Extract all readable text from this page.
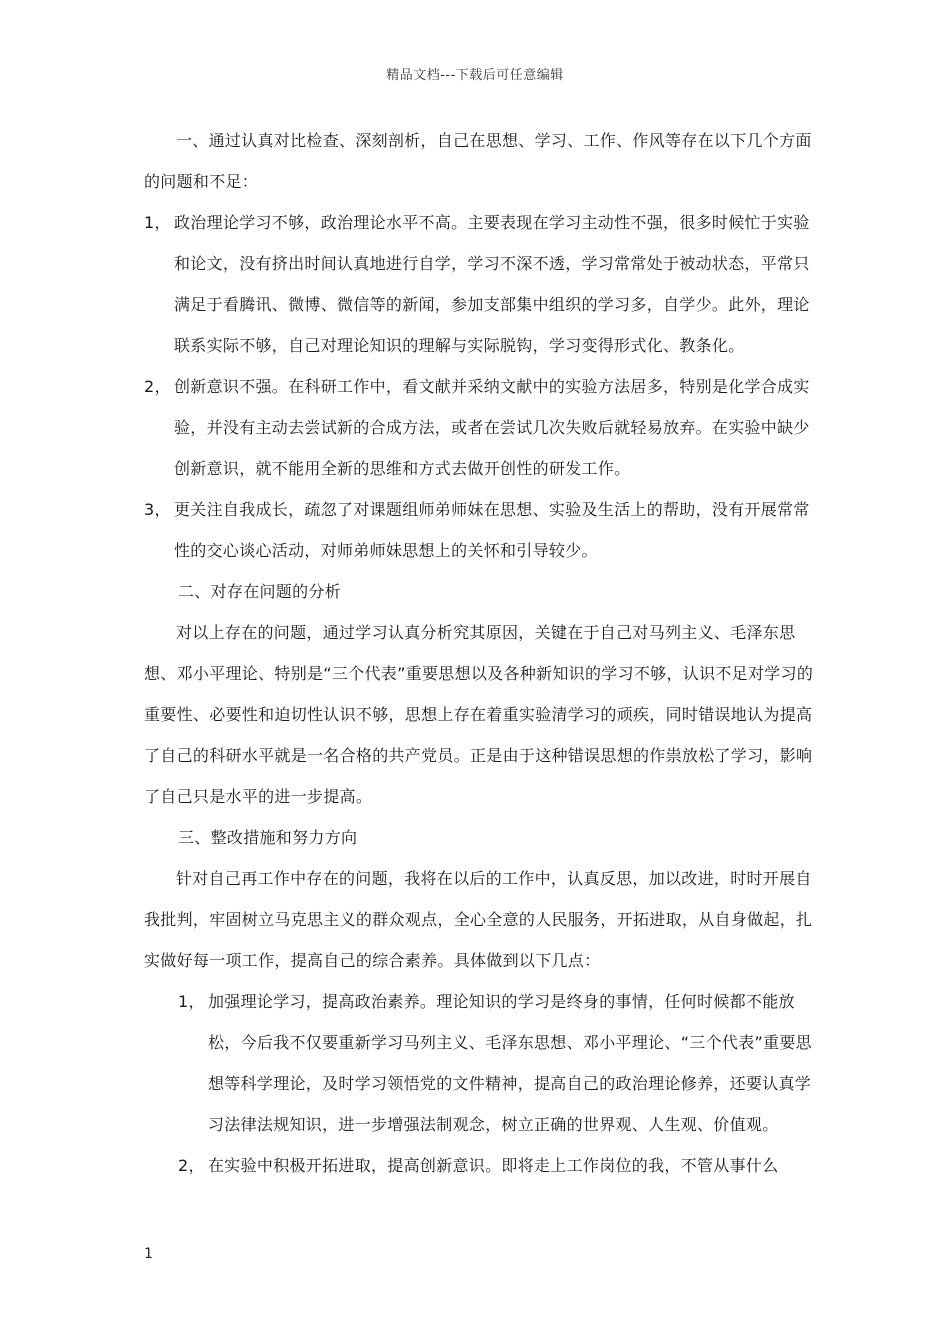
精品文档---下载后可任意编辑

一、通过认真对比检查、深刻剖析，自己在思想、学习、工作、作风等存在以下几个方面的问题和不足：

1， 政治理论学习不够，政治理论水平不高。主要表现在学习主动性不强，很多时候忙于实验和论文，没有挤出时间认真地进行自学，学习不深不透，学习常常处于被动状态，平常只满足于看腾讯、微博、微信等的新闻，参加支部集中组织的学习多，自学少。此外，理论联系实际不够，自己对理论知识的理解与实际脱钩，学习变得形式化、教条化。
2， 创新意识不强。在科研工作中，看文献并采纳文献中的实验方法居多，特别是化学合成实验，并没有主动去尝试新的合成方法，或者在尝试几次失败后就轻易放弃。在实验中缺少创新意识，就不能用全新的思维和方式去做开创性的研发工作。
3， 更关注自我成长，疏忽了对课题组师弟师妹在思想、实验及生活上的帮助，没有开展常常性的交心谈心活动，对师弟师妹思想上的关怀和引导较少。

二、对存在问题的分析

对以上存在的问题，通过学习认真分析究其原因，关键在于自己对马列主义、毛泽东思想、邓小平理论、特别是“三个代表”重要思想以及各种新知识的学习不够，认识不足对学习的重要性、必要性和迫切性认识不够，思想上存在着重实验清学习的顽疾，同时错误地认为提高了自己的科研水平就是一名合格的共产党员。正是由于这种错误思想的作祟放松了学习，影响了自己只是水平的进一步提高。

三、整改措施和努力方向

针对自己再工作中存在的问题，我将在以后的工作中，认真反思，加以改进，时时开展自我批判，牢固树立马克思主义的群众观点，全心全意的人民服务，开拓进取，从自身做起，扎实做好每一项工作，提高自己的综合素养。具体做到以下几点：

1， 加强理论学习，提高政治素养。理论知识的学习是终身的事情，任何时候都不能放松，今后我不仅要重新学习马列主义、毛泽东思想、邓小平理论、“三个代表”重要思想等科学理论，及时学习领悟党的文件精神，提高自己的政治理论修养，还要认真学习法律法规知识，进一步增强法制观念，树立正确的世界观、人生观、价值观。
2， 在实验中积极开拓进取，提高创新意识。即将走上工作岗位的我，不管从事什么
1
